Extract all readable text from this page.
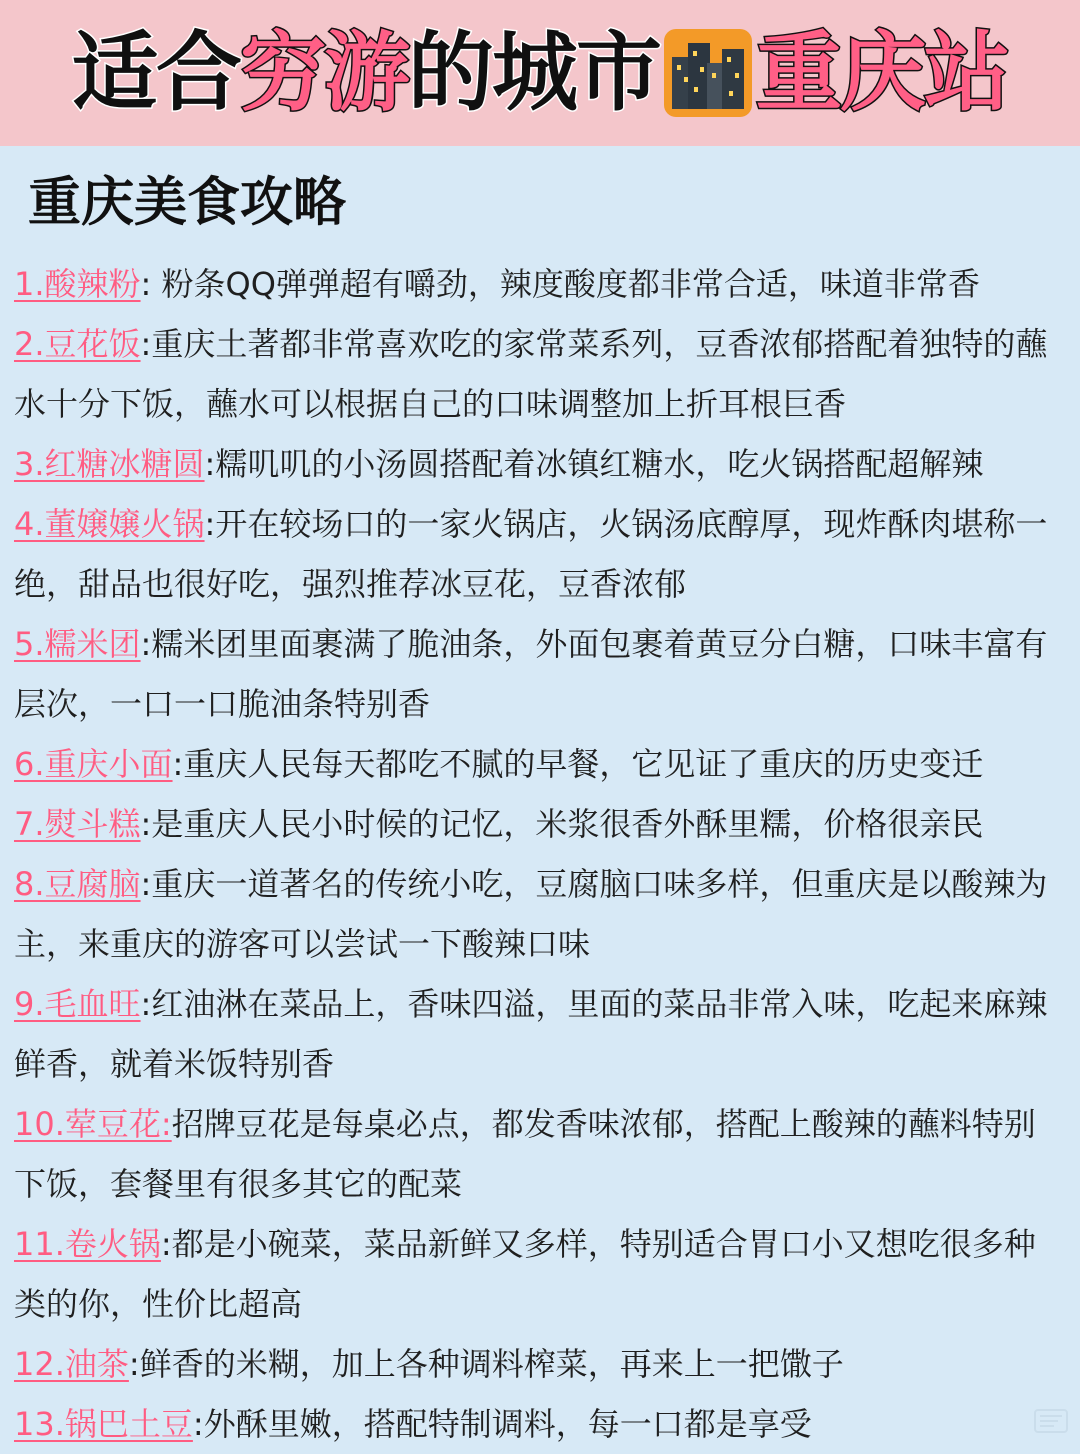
适合 穷游 的城市 重庆站
重庆美食攻略

1.酸辣粉: 粉条QQ弹弹超有嚼劲，辣度酸度都非常合适，味道非常香

2.豆花饭:重庆土著都非常喜欢吃的家常菜系列，豆香浓郁搭配着独特的蘸水十分下饭，蘸水可以根据自己的口味调整加上折耳根巨香

3.红糖冰糖圆:糯叽叽的小汤圆搭配着冰镇红糖水，吃火锅搭配超解辣

4.董嬢嬢火锅:开在较场口的一家火锅店，火锅汤底醇厚，现炸酥肉堪称一绝，甜品也很好吃，强烈推荐冰豆花，豆香浓郁

5.糯米团:糯米团里面裹满了脆油条，外面包裹着黄豆分白糖，口味丰富有层次，一口一口脆油条特别香

6.重庆小面:重庆人民每天都吃不腻的早餐，它见证了重庆的历史变迁

7.熨斗糕:是重庆人民小时候的记忆，米浆很香外酥里糯，价格很亲民

8.豆腐脑:重庆一道著名的传统小吃，豆腐脑口味多样，但重庆是以酸辣为主，来重庆的游客可以尝试一下酸辣口味

9.毛血旺:红油淋在菜品上，香味四溢，里面的菜品非常入味，吃起来麻辣鲜香，就着米饭特别香

10.荤豆花:招牌豆花是每桌必点，都发香味浓郁，搭配上酸辣的蘸料特别下饭，套餐里有很多其它的配菜

11.卷火锅:都是小碗菜，菜品新鲜又多样，特别适合胃口小又想吃很多种类的你，性价比超高

12.油茶:鲜香的米糊，加上各种调料榨菜，再来上一把馓子

13.锅巴土豆:外酥里嫩，搭配特制调料，每一口都是享受
